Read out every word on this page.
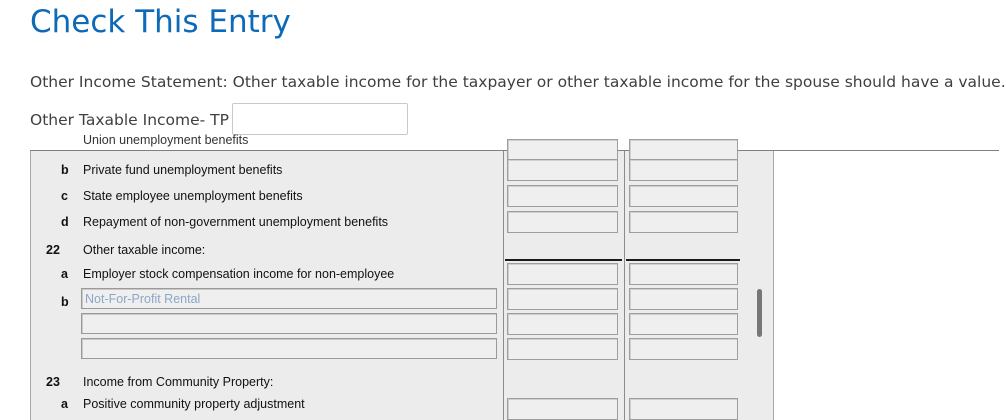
Check This Entry
Other Income Statement: Other taxable income for the taxpayer or other taxable income for the spouse should have a value.
Other Taxable Income- TP
Union unemployment benefits
b Private fund unemployment benefits
c State employee unemployment benefits
d Repayment of non-government unemployment benefits
22 Other taxable income:
a Employer stock compensation income for non-employee
b
Not-For-Profit Rental
23 Income from Community Property:
a Positive community property adjustment
